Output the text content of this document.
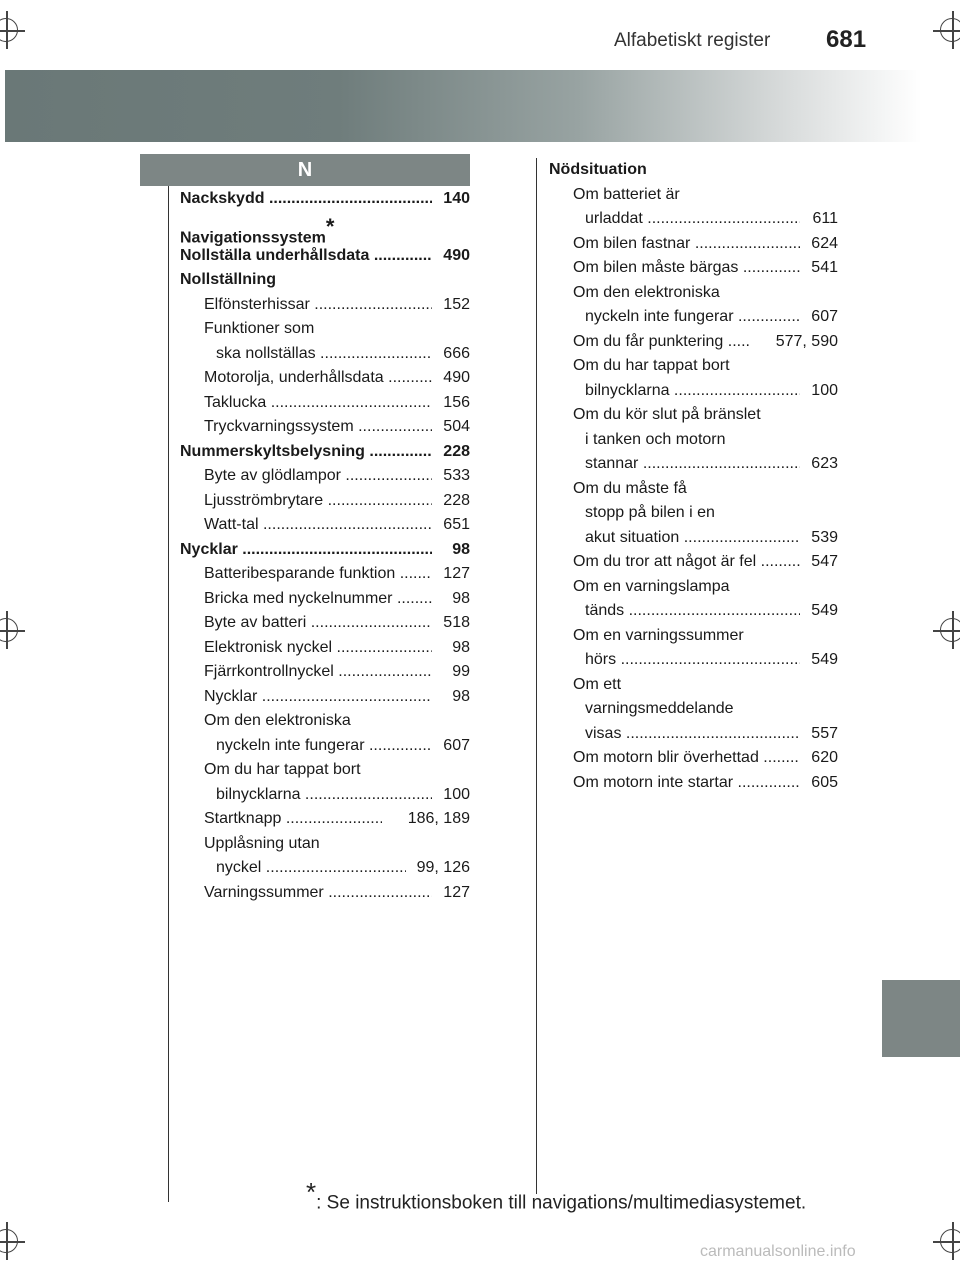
Alfabetiskt register 681
N
Nackskydd .....	140
Navigationssystem*
Nollställa underhållsdata .....	490
Nollställning
Elfönsterhissar .....	152
Funktioner som
ska nollställas .....	666
Motorolja, underhållsdata .....	490
Taklucka .....	156
Tryckvarningssystem .....	504
Nummerskyltsbelysning .....	228
Byte av glödlampor .....	533
Ljusströmbrytare .....	228
Watt-tal .....	651
Nycklar .....	98
Batteribesparande funktion .....	127
Bricka med nyckelnummer .....	98
Byte av batteri .....	518
Elektronisk nyckel .....	98
Fjärrkontrollnyckel .....	99
Nycklar .....	98
Om den elektroniska
nyckeln inte fungerar .....	607
Om du har tappat bort
bilnycklarna .....	100
Startknapp .....	186, 189
Upplåsning utan
nyckel .....	99, 126
Varningssummer .....	127
Nödsituation
Om batteriet är
urladdat .....	611
Om bilen fastnar .....	624
Om bilen måste bärgas .....	541
Om den elektroniska
nyckeln inte fungerar .....	607
Om du får punktering .....	577, 590
Om du har tappat bort
bilnycklarna .....	100
Om du kör slut på bränslet
i tanken och motorn
stannar .....	623
Om du måste få
stopp på bilen i en
akut situation .....	539
Om du tror att något är fel .....	547
Om en varningslampa
tänds .....	549
Om en varningssummer
hörs .....	549
Om ett
varningsmeddelande
visas .....	557
Om motorn blir överhettad .....	620
Om motorn inte startar .....	605
*: Se instruktionsboken till navigations/multimediasystemet.
carmanualsonline.info
